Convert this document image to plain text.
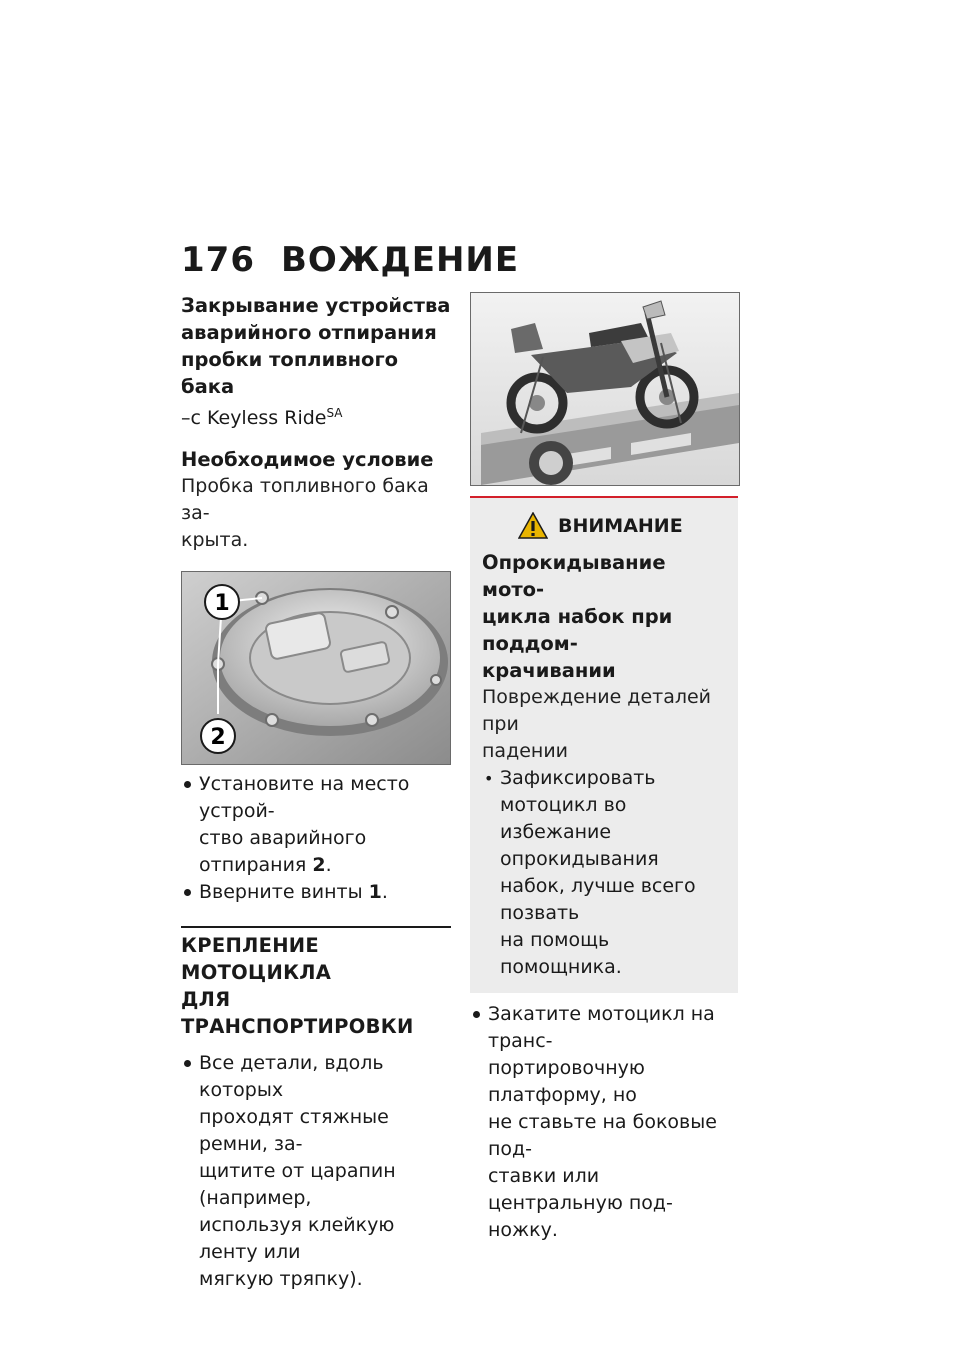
176 ВОЖДЕНИЕ

Закрывание устройства

аварийного отпирания

пробки топливного бака

–с Keyless Ride$^{SA}$

Необходимое условие

Пробка топливного бака за-

крыта.

1
2
Установите на место устрой-
ство аварийного отпирания 2.
Вверните винты 1.

КРЕПЛЕНИЕ МОТОЦИКЛА

ДЛЯ ТРАНСПОРТИРОВКИ

Все детали, вдоль которых
проходят стяжные ремни, за-
щитите от царапин (например,
используя клейкую ленту или
мягкую тряпку).
ВНИМАНИЕ

Опрокидывание мото-

цикла набок при поддом-

крачивании

Повреждение деталей при

падении

• Зафиксировать мотоцикл во
избежание опрокидывания
набок, лучше всего позвать
на помощь помощника.
Закатите мотоцикл на транс-
портировочную платформу, но
не ставьте на боковые под-
ставки или центральную под-
ножку.
